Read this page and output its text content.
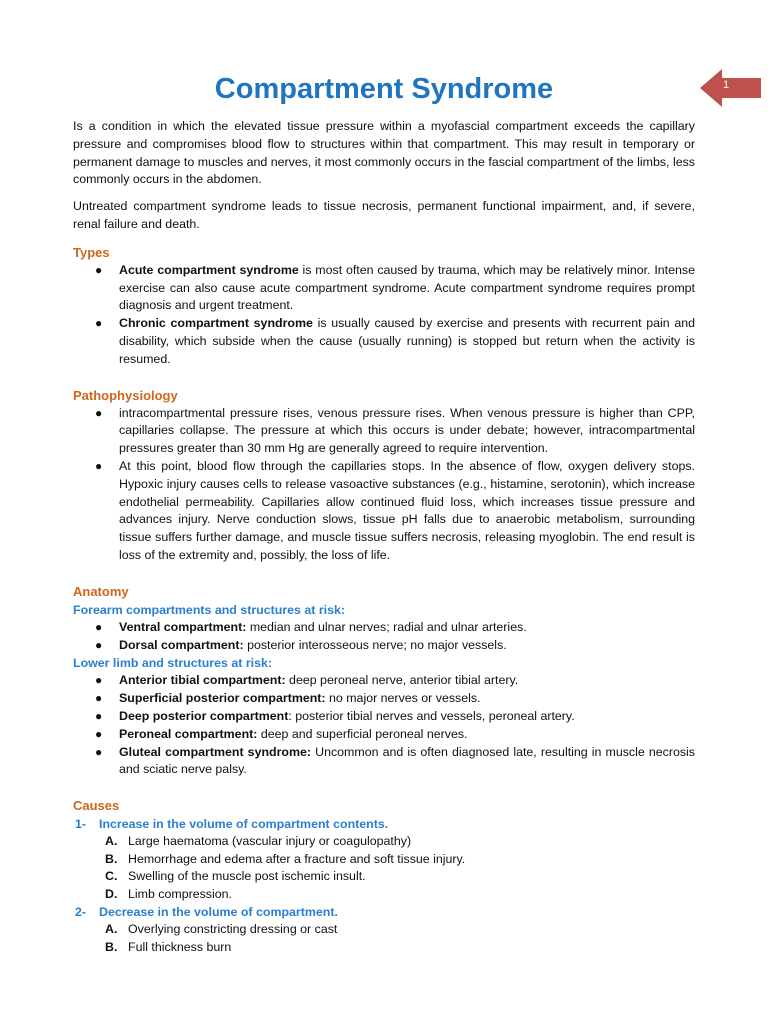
1
Compartment Syndrome

Is a condition in which the elevated tissue pressure within a myofascial compartment exceeds the capillary pressure and compromises blood flow to structures within that compartment. This may result in temporary or permanent damage to muscles and nerves, it most commonly occurs in the fascial compartment of the limbs, less commonly occurs in the abdomen.

Untreated compartment syndrome leads to tissue necrosis, permanent functional impairment, and, if severe, renal failure and death.

Types
● Acute compartment syndrome is most often caused by trauma, which may be relatively minor. Intense exercise can also cause acute compartment syndrome. Acute compartment syndrome requires prompt diagnosis and urgent treatment.
● Chronic compartment syndrome is usually caused by exercise and presents with recurrent pain and disability, which subside when the cause (usually running) is stopped but return when the activity is resumed.
Pathophysiology
● intracompartmental pressure rises, venous pressure rises. When venous pressure is higher than CPP, capillaries collapse. The pressure at which this occurs is under debate; however, intracompartmental pressures greater than 30 mm Hg are generally agreed to require intervention.
● At this point, blood flow through the capillaries stops. In the absence of flow, oxygen delivery stops. Hypoxic injury causes cells to release vasoactive substances (e.g., histamine, serotonin), which increase endothelial permeability. Capillaries allow continued fluid loss, which increases tissue pressure and advances injury. Nerve conduction slows, tissue pH falls due to anaerobic metabolism, surrounding tissue suffers further damage, and muscle tissue suffers necrosis, releasing myoglobin. The end result is loss of the extremity and, possibly, the loss of life.
Anatomy
Forearm compartments and structures at risk:
● Ventral compartment: median and ulnar nerves; radial and ulnar arteries.
● Dorsal compartment: posterior interosseous nerve; no major vessels.
Lower limb and structures at risk:
● Anterior tibial compartment: deep peroneal nerve, anterior tibial artery.
● Superficial posterior compartment: no major nerves or vessels.
● Deep posterior compartment: posterior tibial nerves and vessels, peroneal artery.
● Peroneal compartment: deep and superficial peroneal nerves.
● Gluteal compartment syndrome: Uncommon and is often diagnosed late, resulting in muscle necrosis and sciatic nerve palsy.
Causes
1- Increase in the volume of compartment contents.
A. Large haematoma (vascular injury or coagulopathy)
B. Hemorrhage and edema after a fracture and soft tissue injury.
C. Swelling of the muscle post ischemic insult.
D. Limb compression.
2- Decrease in the volume of compartment.
A. Overlying constricting dressing or cast
B. Full thickness burn
